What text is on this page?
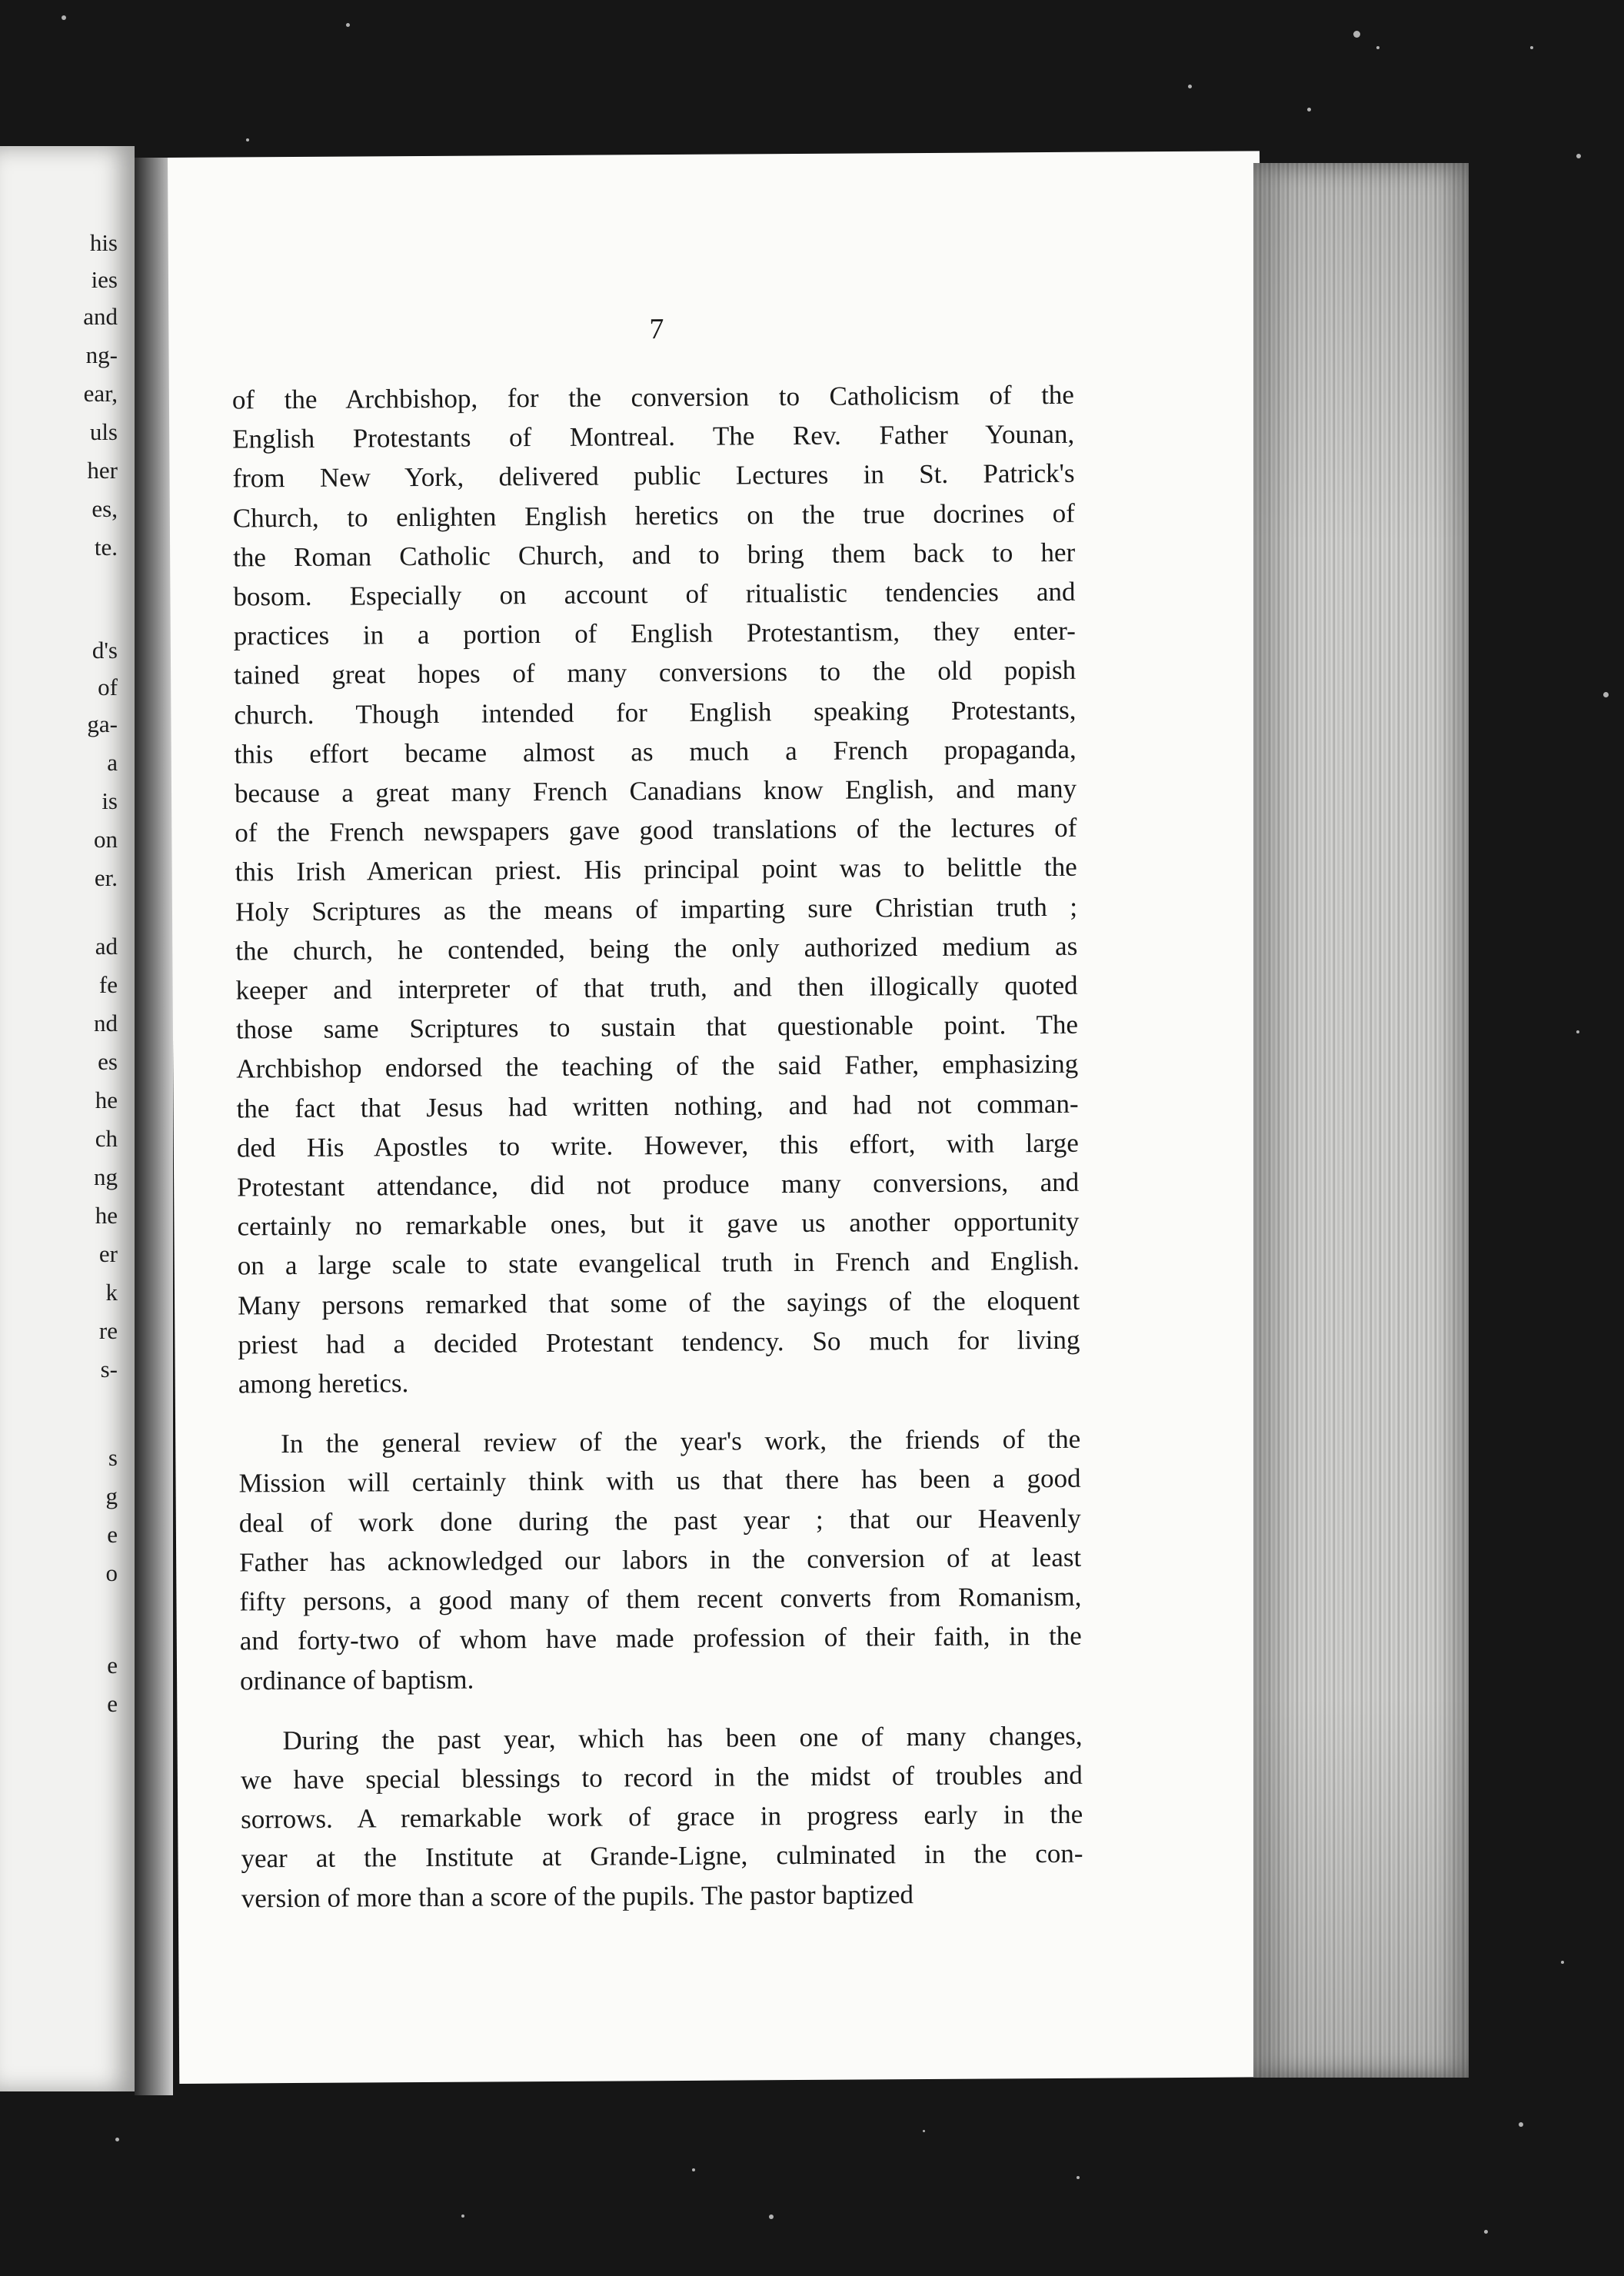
his
ies
and
ng-
ear,
uls
her
es,
te.
d's
of
ga-
a
is
on
er.
ad
fe
nd
es
he
ch
ng
he
er
k
re
s-
s
g
e
o
e
e
7
of the Archbishop, for the conversion to Catholicism of the
English Protestants of Montreal. The Rev. Father Younan,
from New York, delivered public Lectures in St. Patrick's
Church, to enlighten English heretics on the true docrines of
the Roman Catholic Church, and to bring them back to her
bosom. Especially on account of ritualistic tendencies and
practices in a portion of English Protestantism, they enter-
tained great hopes of many conversions to the old popish
church. Though intended for English speaking Protestants,
this effort became almost as much a French propaganda,
because a great many French Canadians know English, and many
of the French newspapers gave good translations of the lectures of
this Irish American priest. His principal point was to belittle the
Holy Scriptures as the means of imparting sure Christian truth ;
the church, he contended, being the only authorized medium as
keeper and interpreter of that truth, and then illogically quoted
those same Scriptures to sustain that questionable point. The
Archbishop endorsed the teaching of the said Father, emphasizing
the fact that Jesus had written nothing, and had not comman-
ded His Apostles to write. However, this effort, with large
Protestant attendance, did not produce many conversions, and
certainly no remarkable ones, but it gave us another opportunity
on a large scale to state evangelical truth in French and English.
Many persons remarked that some of the sayings of the eloquent
priest had a decided Protestant tendency. So much for living
among heretics.
In the general review of the year's work, the friends of the
Mission will certainly think with us that there has been a good
deal of work done during the past year ; that our Heavenly
Father has acknowledged our labors in the conversion of at least
fifty persons, a good many of them recent converts from Romanism,
and forty-two of whom have made profession of their faith, in the
ordinance of baptism.
During the past year, which has been one of many changes,
we have special blessings to record in the midst of troubles and
sorrows. A remarkable work of grace in progress early in the
year at the Institute at Grande-Ligne, culminated in the con-
version of more than a score of the pupils. The pastor baptized
